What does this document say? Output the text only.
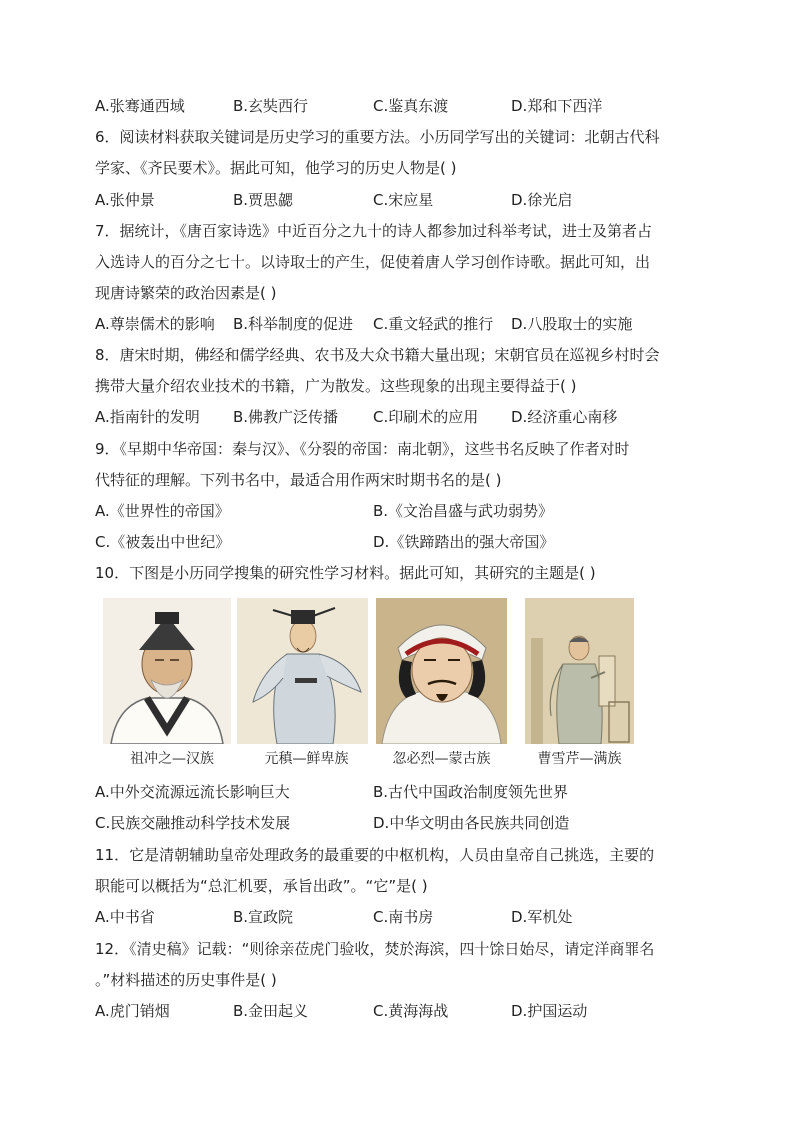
A.张骞通西域	B.玄奘西行	C.鉴真东渡	D.郑和下西洋
6．阅读材料获取关键词是历史学习的重要方法。小历同学写出的关键词：北朝古代科
学家、《齐民要术》。据此可知，他学习的历史人物是( )
A.张仲景	B.贾思勰	C.宋应星	D.徐光启
7．据统计，《唐百家诗选》中近百分之九十的诗人都参加过科举考试，进士及第者占
入选诗人的百分之七十。以诗取士的产生，促使着唐人学习创作诗歌。据此可知，出
现唐诗繁荣的政治因素是( )
A.尊崇儒术的影响 B.科举制度的促进 C.重文轻武的推行 D.八股取士的实施
8．唐宋时期，佛经和儒学经典、农书及大众书籍大量出现；宋朝官员在巡视乡村时会
携带大量介绍农业技术的书籍，广为散发。这些现象的出现主要得益于( )
A.指南针的发明 B.佛教广泛传播 C.印刷术的应用 D.经济重心南移
9．《早期中华帝国：秦与汉》、《分裂的帝国：南北朝》，这些书名反映了作者对时
代特征的理解。下列书名中，最适合用作两宋时期书名的是( )
A.《世界性的帝国》	B.《文治昌盛与武功弱势》
C.《被轰出中世纪》	D.《铁蹄踏出的强大帝国》
10．下图是小历同学搜集的研究性学习材料。据此可知，其研究的主题是( )
祖冲之—汉族	元稹—鲜卑族	忽必烈—蒙古族	曹雪芹—满族
A.中外交流源远流长影响巨大	B.古代中国政治制度领先世界
C.民族交融推动科学技术发展	D.中华文明由各民族共同创造
11．它是清朝辅助皇帝处理政务的最重要的中枢机构，人员由皇帝自己挑选，主要的
职能可以概括为“总汇机要，承旨出政”。“它”是( )
A.中书省	B.宣政院	C.南书房	D.军机处
12．《清史稿》记载：“则徐亲莅虎门验收，焚於海滨，四十馀日始尽，请定洋商罪名
。”材料描述的历史事件是( )
A.虎门销烟	B.金田起义	C.黄海海战	D.护国运动
